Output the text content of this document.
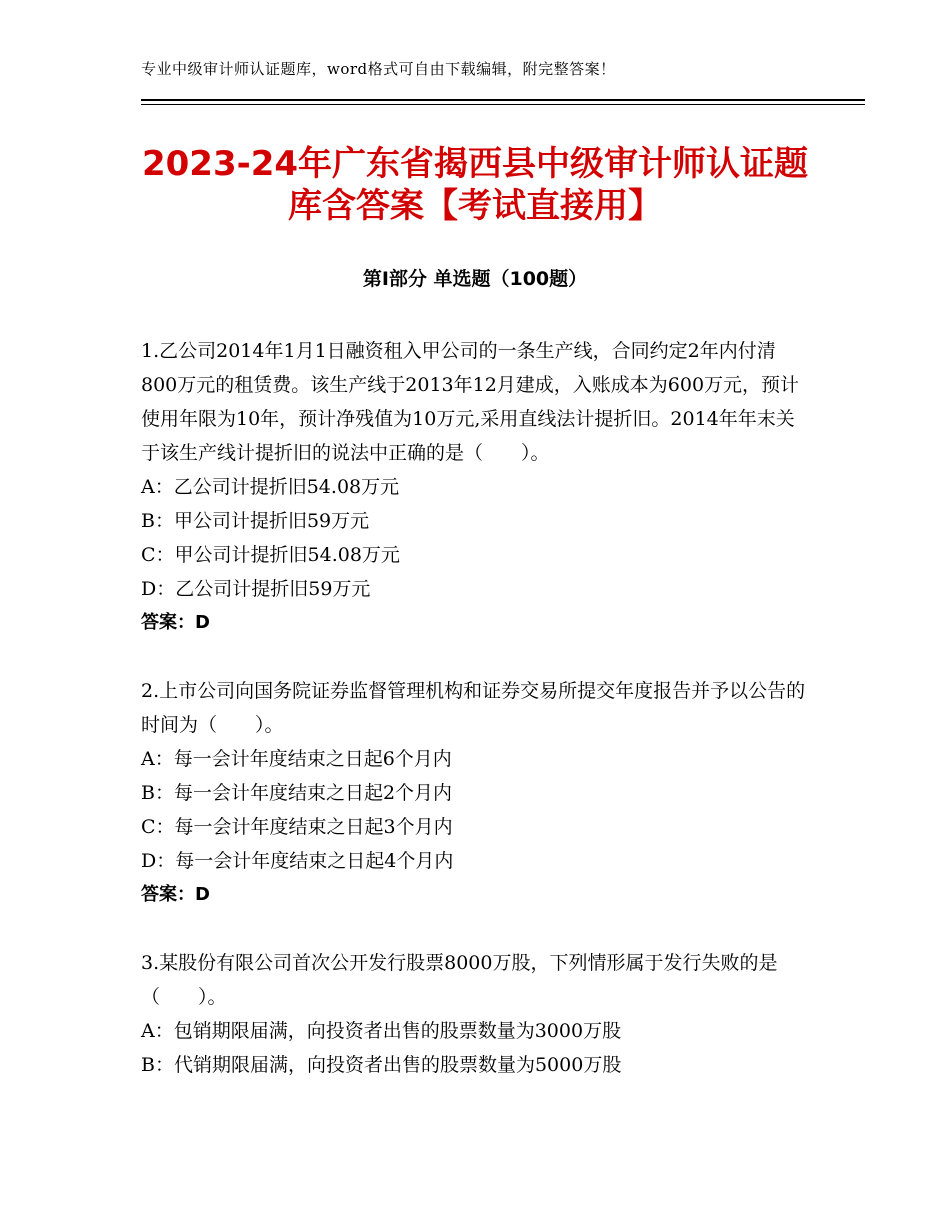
专业中级审计师认证题库，word格式可自由下载编辑，附完整答案！
2023-24年广东省揭西县中级审计师认证题
库含答案【考试直接用】
第Ⅰ部分 单选题（100题）

1.乙公司2014年1月1日融资租入甲公司的一条生产线，合同约定2年内付清800万元的租赁费。该生产线于2013年12月建成，入账成本为600万元，预计使用年限为10年，预计净残值为10万元,采用直线法计提折旧。2014年年末关于该生产线计提折旧的说法中正确的是（　　）。

A：乙公司计提折旧54.08万元
B：甲公司计提折旧59万元
C：甲公司计提折旧54.08万元
D：乙公司计提折旧59万元
答案：D

2.上市公司向国务院证券监督管理机构和证券交易所提交年度报告并予以公告的时间为（　　）。

A：每一会计年度结束之日起6个月内
B：每一会计年度结束之日起2个月内
C：每一会计年度结束之日起3个月内
D：每一会计年度结束之日起4个月内
答案：D

3.某股份有限公司首次公开发行股票8000万股，下列情形属于发行失败的是（　　）。

A：包销期限届满，向投资者出售的股票数量为3000万股
B：代销期限届满，向投资者出售的股票数量为5000万股
